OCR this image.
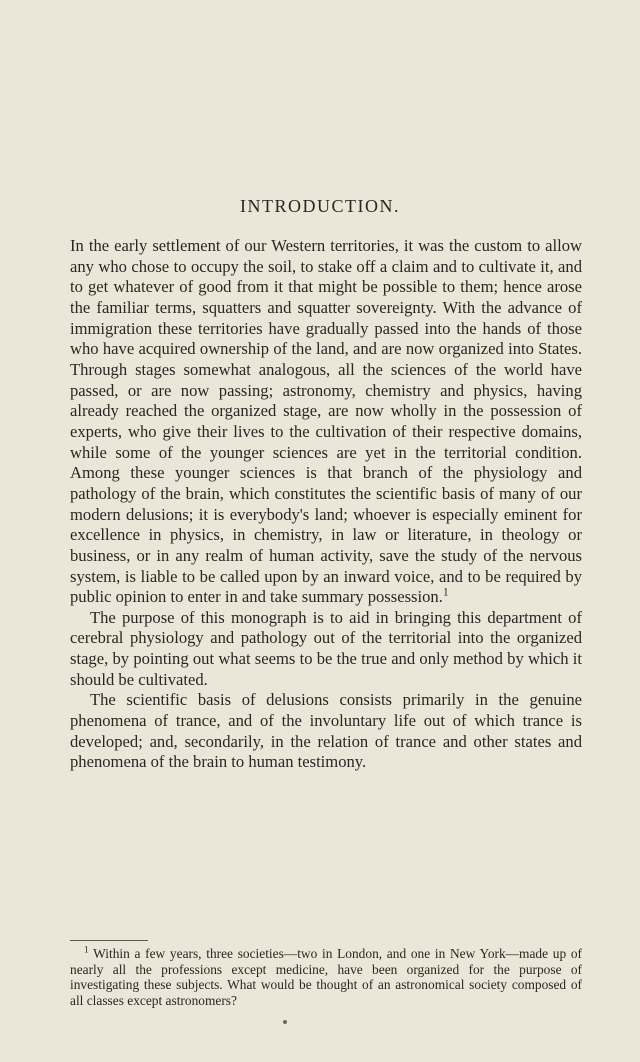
INTRODUCTION.

In the early settlement of our Western territories, it was the custom to allow any who chose to occupy the soil, to stake off a claim and to cultivate it, and to get whatever of good from it that might be possible to them; hence arose the familiar terms, squatters and squatter sovereignty. With the advance of immigration these territories have gradually passed into the hands of those who have acquired ownership of the land, and are now organized into States. Through stages somewhat analogous, all the sciences of the world have passed, or are now passing; astronomy, chemistry and physics, having already reached the organized stage, are now wholly in the possession of experts, who give their lives to the cultivation of their respective domains, while some of the younger sciences are yet in the territorial condition. Among these younger sciences is that branch of the physiology and pathology of the brain, which constitutes the scientific basis of many of our modern delusions; it is everybody's land; whoever is especially eminent for excellence in physics, in chemistry, in law or literature, in theology or business, or in any realm of human activity, save the study of the nervous system, is liable to be called upon by an inward voice, and to be required by public opinion to enter in and take summary possession.$^1$

The purpose of this monograph is to aid in bringing this department of cerebral physiology and pathology out of the territorial into the organized stage, by pointing out what seems to be the true and only method by which it should be cultivated.

The scientific basis of delusions consists primarily in the genuine phenomena of trance, and of the involuntary life out of which trance is developed; and, secondarily, in the relation of trance and other states and phenomena of the brain to human testimony.

$^1$ Within a few years, three societies—two in London, and one in New York—made up of nearly all the professions except medicine, have been organized for the purpose of investigating these subjects. What would be thought of an astronomical society composed of all classes except astronomers?
